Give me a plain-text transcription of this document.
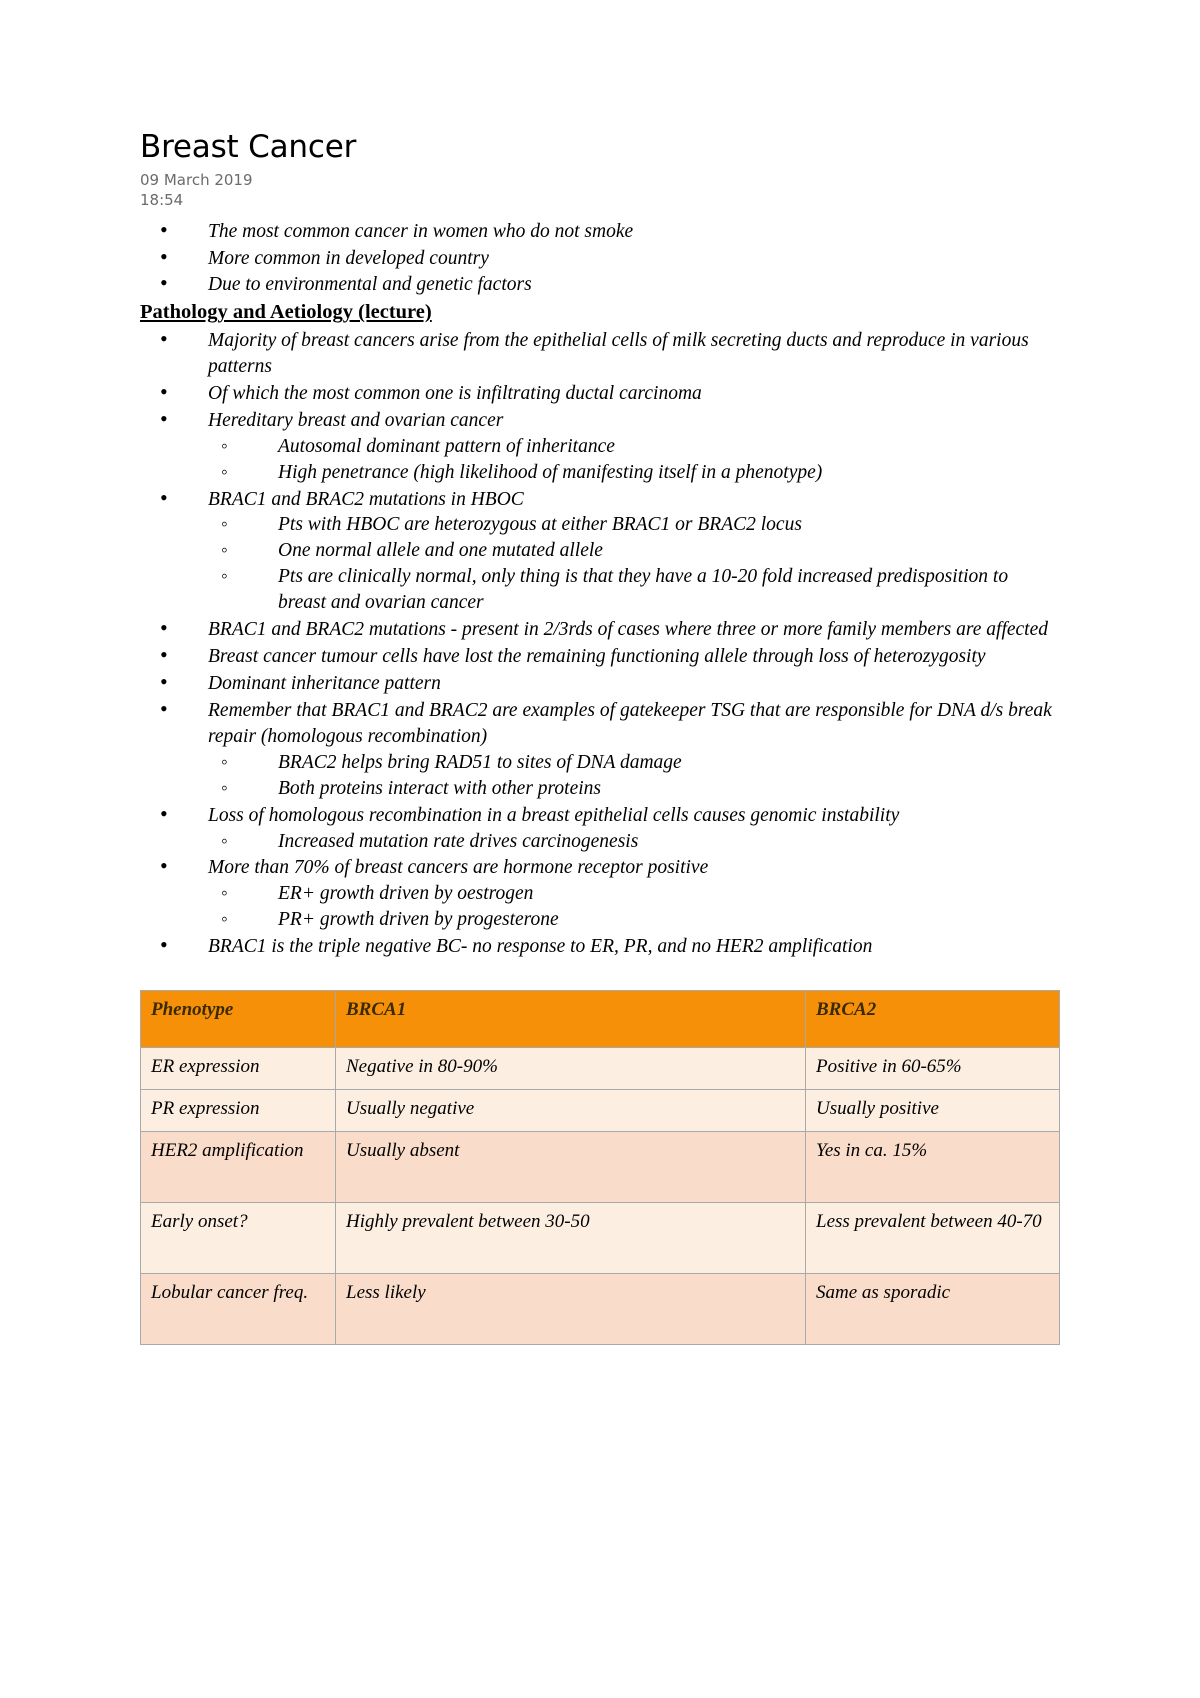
Breast Cancer

09 March 2019

18:54

• The most common cancer in women who do not smoke
• More common in developed country
• Due to environmental and genetic factors
Pathology and Aetiology (lecture)
• Majority of breast cancers arise from the epithelial cells of milk secreting ducts and reproduce in various patterns
• Of which the most common one is infiltrating ductal carcinoma
• Hereditary breast and ovarian cancer
◦ Autosomal dominant pattern of inheritance
◦ High penetrance (high likelihood of manifesting itself in a phenotype)
• BRAC1 and BRAC2 mutations in HBOC
◦ Pts with HBOC are heterozygous at either BRAC1 or BRAC2 locus
◦ One normal allele and one mutated allele
◦ Pts are clinically normal, only thing is that they have a 10-20 fold increased predisposition to breast and ovarian cancer
• BRAC1 and BRAC2 mutations - present in 2/3rds of cases where three or more family members are affected
• Breast cancer tumour cells have lost the remaining functioning allele through loss of heterozygosity
• Dominant inheritance pattern
• Remember that BRAC1 and BRAC2 are examples of gatekeeper TSG that are responsible for DNA d/s break repair (homologous recombination)
◦ BRAC2 helps bring RAD51 to sites of DNA damage
◦ Both proteins interact with other proteins
• Loss of homologous recombination in a breast epithelial cells causes genomic instability
◦ Increased mutation rate drives carcinogenesis
• More than 70% of breast cancers are hormone receptor positive
◦ ER+ growth driven by oestrogen
◦ PR+ growth driven by progesterone
• BRAC1 is the triple negative BC- no response to ER, PR, and no HER2 amplification
Phenotype	BRCA1	BRCA2
ER expression	Negative in 80-90%	Positive in 60-65%
PR expression	Usually negative	Usually positive
HER2 amplification	Usually absent	Yes in ca. 15%
Early onset?	Highly prevalent between 30-50	Less prevalent between 40-70
Lobular cancer freq.	Less likely	Same as sporadic
